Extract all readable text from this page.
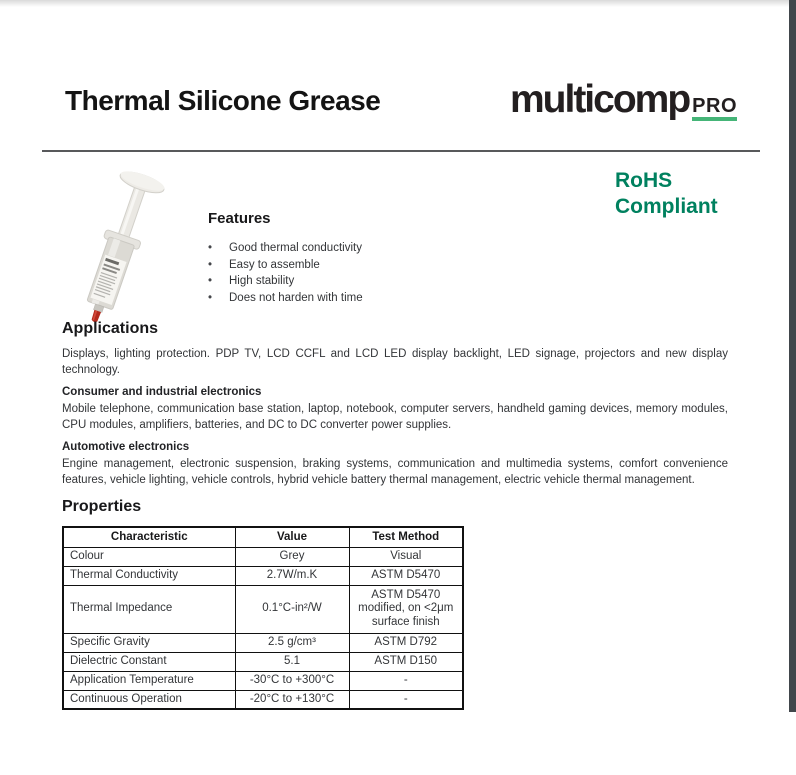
Thermal Silicone Grease	multicomp PRO
RoHS
Compliant
Features
•	Good thermal conductivity
•	Easy to assemble
•	High stability
•	Does not harden with time
Applications

Displays, lighting protection. PDP TV, LCD CCFL and LCD LED display backlight, LED signage, projectors and new display technology.

Consumer and industrial electronics

Mobile telephone, communication base station, laptop, notebook, computer servers, handheld gaming devices, memory modules, CPU modules, amplifiers, batteries, and DC to DC converter power supplies.

Automotive electronics

Engine management, electronic suspension, braking systems, communication and multimedia systems, comfort convenience features, vehicle lighting, vehicle controls, hybrid vehicle battery thermal management, electric vehicle thermal management.

Properties
Characteristic	Value	Test Method
Colour	Grey	Visual
Thermal Conductivity	2.7W/m.K	ASTM D5470
Thermal Impedance	0.1°C-in²/W	ASTM D5470 modified, on <2μm surface finish
Specific Gravity	2.5 g/cm³	ASTM D792
Dielectric Constant	5.1	ASTM D150
Application Temperature	-30°C to +300°C	-
Continuous Operation	-20°C to +130°C	-
